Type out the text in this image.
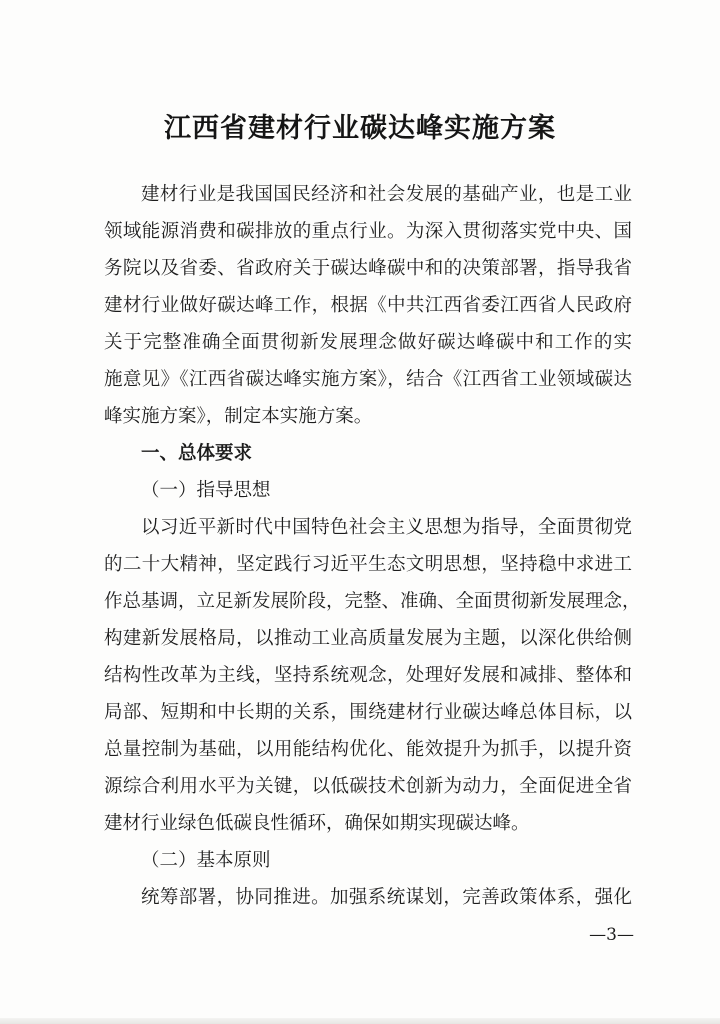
江西省建材行业碳达峰实施方案
建材行业是我国国民经济和社会发展的基础产业，也是工业
领域能源消费和碳排放的重点行业。为深入贯彻落实党中央、国
务院以及省委、省政府关于碳达峰碳中和的决策部署，指导我省
建材行业做好碳达峰工作，根据《中共江西省委江西省人民政府
关于完整准确全面贯彻新发展理念做好碳达峰碳中和工作的实
施意见》《江西省碳达峰实施方案》，结合《江西省工业领域碳达
峰实施方案》，制定本实施方案。
一、总体要求
（一）指导思想
以习近平新时代中国特色社会主义思想为指导，全面贯彻党
的二十大精神，坚定践行习近平生态文明思想，坚持稳中求进工
作总基调，立足新发展阶段，完整、准确、全面贯彻新发展理念，
构建新发展格局，以推动工业高质量发展为主题，以深化供给侧
结构性改革为主线，坚持系统观念，处理好发展和减排、整体和
局部、短期和中长期的关系，围绕建材行业碳达峰总体目标，以
总量控制为基础，以用能结构优化、能效提升为抓手，以提升资
源综合利用水平为关键，以低碳技术创新为动力，全面促进全省
建材行业绿色低碳良性循环，确保如期实现碳达峰。
（二）基本原则
统筹部署，协同推进。加强系统谋划，完善政策体系，强化
—3—
